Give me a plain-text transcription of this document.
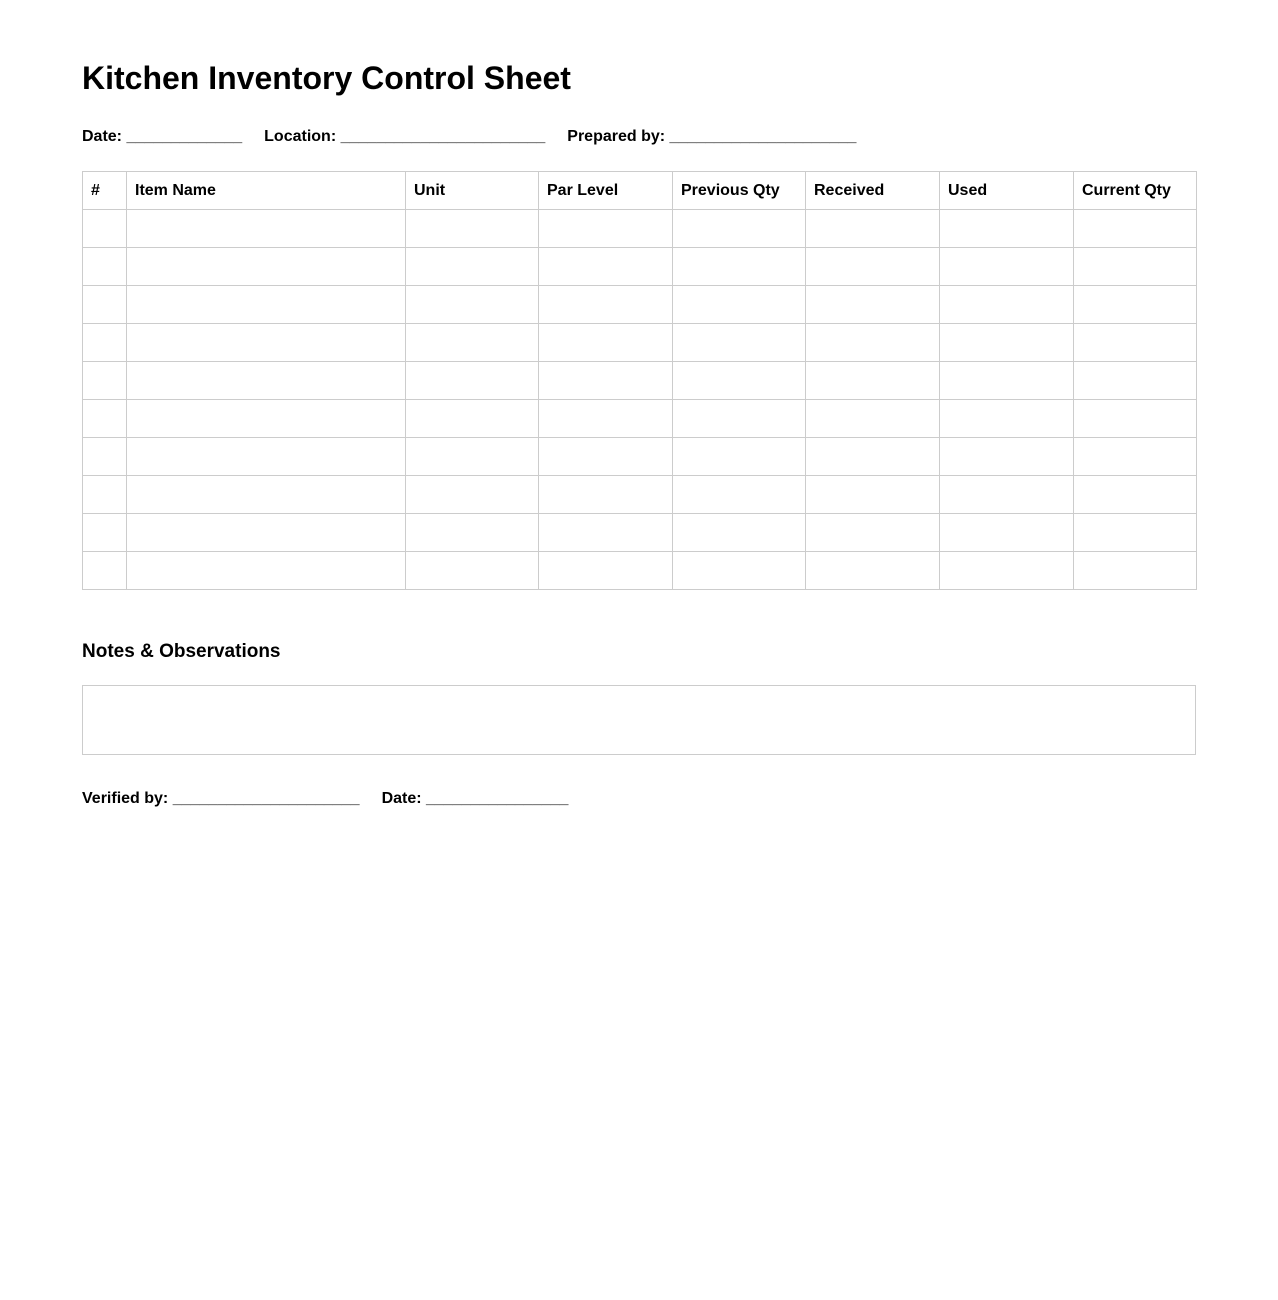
Kitchen Inventory Control Sheet
Date:
_____________ Location:
_______________________ Prepared by:
_____________________
#	Item Name	Unit	Par Level	Previous Qty	Received	Used	Current Qty

Notes & Observations
Verified by:
_____________________ Date:
________________
